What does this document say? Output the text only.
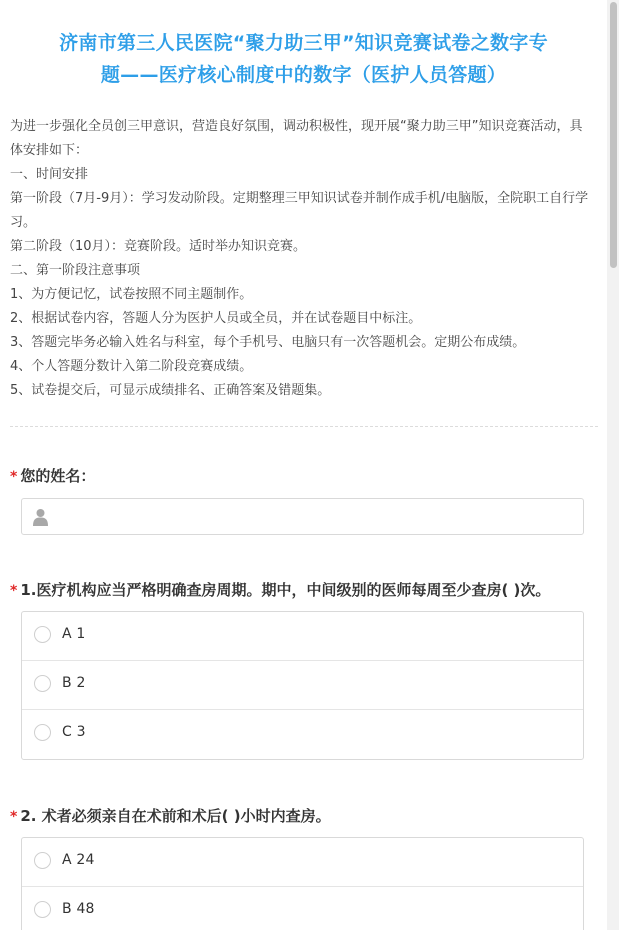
济南市第三人民医院“聚力助三甲”知识竞赛试卷之数字专
题——医疗核心制度中的数字（医护人员答题）

为进一步强化全员创三甲意识，营造良好氛围，调动积极性，现开展“聚力助三甲”知识竞赛活动，具体安排如下：

一、时间安排

第一阶段（7月-9月）：学习发动阶段。定期整理三甲知识试卷并制作成手机/电脑版，全院职工自行学习。

第二阶段（10月）：竞赛阶段。适时举办知识竞赛。

二、第一阶段注意事项

1、为方便记忆，试卷按照不同主题制作。

2、根据试卷内容，答题人分为医护人员或全员，并在试卷题目中标注。

3、答题完毕务必输入姓名与科室，每个手机号、电脑只有一次答题机会。定期公布成绩。

4、个人答题分数计入第二阶段竞赛成绩。

5、试卷提交后，可显示成绩排名、正确答案及错题集。

* 您的姓名：
* 1.医疗机构应当严格明确查房周期。期中，中间级别的医师每周至少查房( )次。
A 1
B 2
C 3
* 2. 术者必须亲自在术前和术后( )小时内查房。
A 24
B 48
